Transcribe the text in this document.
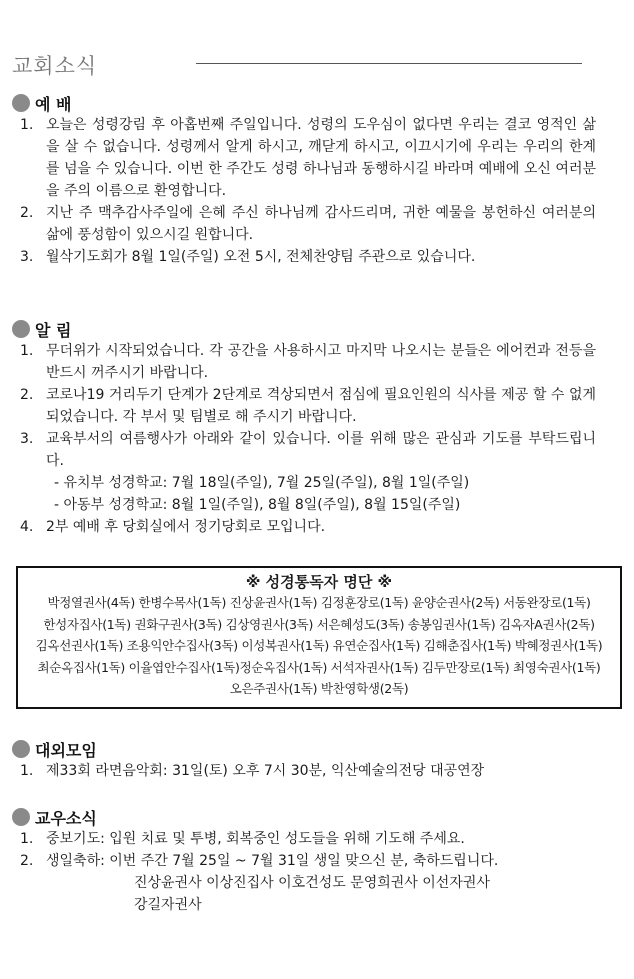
교회소식
예 배
1. 오늘은 성령강림 후 아홉번째 주일입니다. 성령의 도우심이 없다면 우리는 결코 영적인 삶을 살 수 없습니다. 성령께서 알게 하시고, 깨닫게 하시고, 이끄시기에 우리는 우리의 한계를 넘을 수 있습니다. 이번 한 주간도 성령 하나님과 동행하시길 바라며 예배에 오신 여러분을 주의 이름으로 환영합니다.
2. 지난 주 맥추감사주일에 은혜 주신 하나님께 감사드리며, 귀한 예물을 봉헌하신 여러분의 삶에 풍성함이 있으시길 원합니다.
3. 월삭기도회가 8월 1일(주일) 오전 5시, 전체찬양팀 주관으로 있습니다.
알 림
1. 무더위가 시작되었습니다. 각 공간을 사용하시고 마지막 나오시는 분들은 에어컨과 전등을 반드시 꺼주시기 바랍니다.
2. 코로나19 거리두기 단계가 2단계로 격상되면서 점심에 필요인원의 식사를 제공 할 수 없게 되었습니다. 각 부서 및 팀별로 해 주시기 바랍니다.
3. 교육부서의 여름행사가 아래와 같이 있습니다. 이를 위해 많은 관심과 기도를 부탁드립니다.
- 유치부 성경학교: 7월 18일(주일), 7월 25일(주일), 8월 1일(주일)
- 아동부 성경학교: 8월 1일(주일), 8월 8일(주일), 8월 15일(주일)
4. 2부 예배 후 당회실에서 정기당회로 모입니다.
※ 성경통독자 명단 ※
박정열권사(4독) 한병수목사(1독) 진상윤권사(1독) 김정훈장로(1독) 윤양순권사(2독) 서동완장로(1독)
한성자집사(1독) 권화구권사(3독) 김상영권사(3독) 서은혜성도(3독) 송봉임권사(1독) 김옥자A권사(2독)
김옥선권사(1독) 조용익안수집사(3독) 이성복권사(1독) 유연순집사(1독) 김해춘집사(1독) 박혜정권사(1독)
최순옥집사(1독) 이율엽안수집사(1독)정순옥집사(1독) 서석자권사(1독) 김두만장로(1독) 최영숙권사(1독)
오은주권사(1독) 박찬영학생(2독)
대외모임
1. 제33회 라면음악회: 31일(토) 오후 7시 30분, 익산예술의전당 대공연장
교우소식
1. 중보기도: 입원 치료 및 투병, 회복중인 성도들을 위해 기도해 주세요.
2. 생일축하: 이번 주간 7월 25일 ~ 7월 31일 생일 맞으신 분, 축하드립니다.
진상윤권사 이상진집사 이호건성도 문영희권사 이선자권사
강길자권사
